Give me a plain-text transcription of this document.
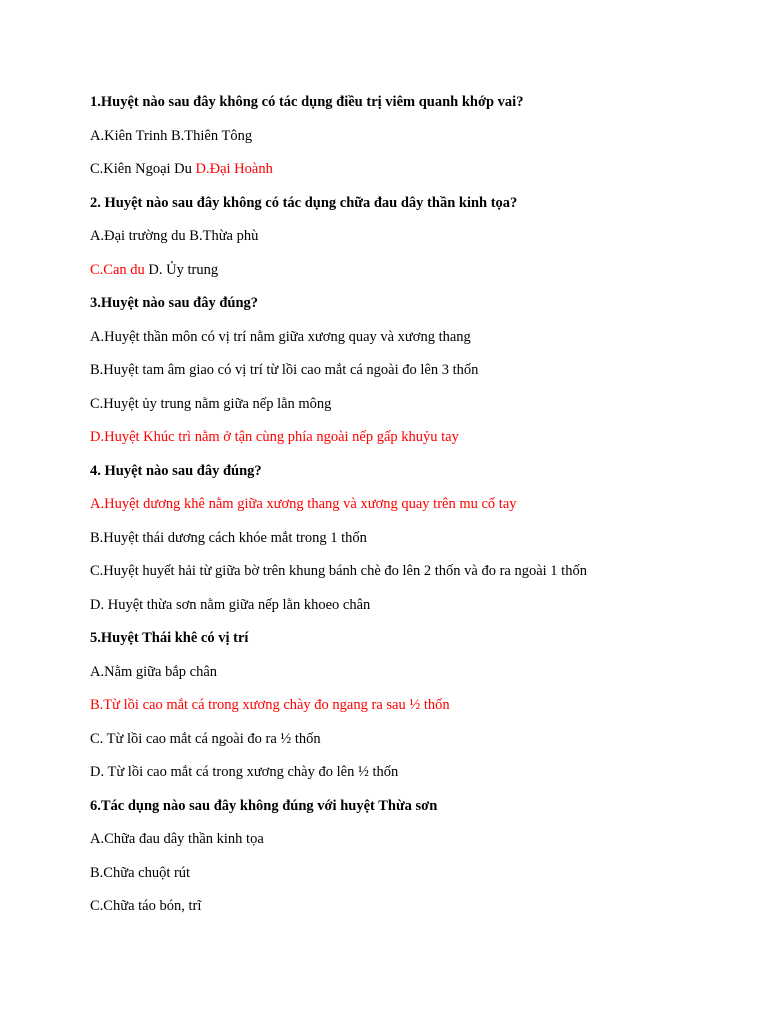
1.Huyệt nào sau đây không có tác dụng điều trị viêm quanh khớp vai?
A.Kiên Trinh B.Thiên Tông
C.Kiên Ngoại Du D.Đại Hoành
2. Huyệt nào sau đây không có tác dụng chữa đau dây thần kinh tọa?
A.Đại trường du B.Thừa phù
C.Can du D. Ủy trung
3.Huyệt nào sau đây đúng?
A.Huyệt thần môn có vị trí nằm giữa xương quay và xương thang
B.Huyệt tam âm giao có vị trí từ lồi cao mắt cá ngoài đo lên 3 thốn
C.Huyệt ủy trung nằm giữa nếp lằn mông
D.Huyệt Khúc trì nằm ở tận cùng phía ngoài nếp gấp khuỷu tay
4. Huyệt nào sau đây đúng?
A.Huyệt dương khê nằm giữa xương thang và xương quay trên mu cổ tay
B.Huyệt thái dương cách khóe mắt trong 1 thốn
C.Huyệt huyết hải từ giữa bờ trên khung bánh chè đo lên 2 thốn và đo ra ngoài 1 thốn
D. Huyệt thừa sơn nằm giữa nếp lằn khoeo chân
5.Huyệt Thái khê có vị trí
A.Nằm giữa bắp chân
B.Từ lồi cao mắt cá trong xương chày đo ngang ra sau ½ thốn
C. Từ lồi cao mắt cá ngoài đo ra ½ thốn
D. Từ lồi cao mắt cá trong xương chày đo lên ½ thốn
6.Tác dụng nào sau đây không đúng với huyệt Thừa sơn
A.Chữa đau dây thần kinh tọa
B.Chữa chuột rút
C.Chữa táo bón, trĩ
